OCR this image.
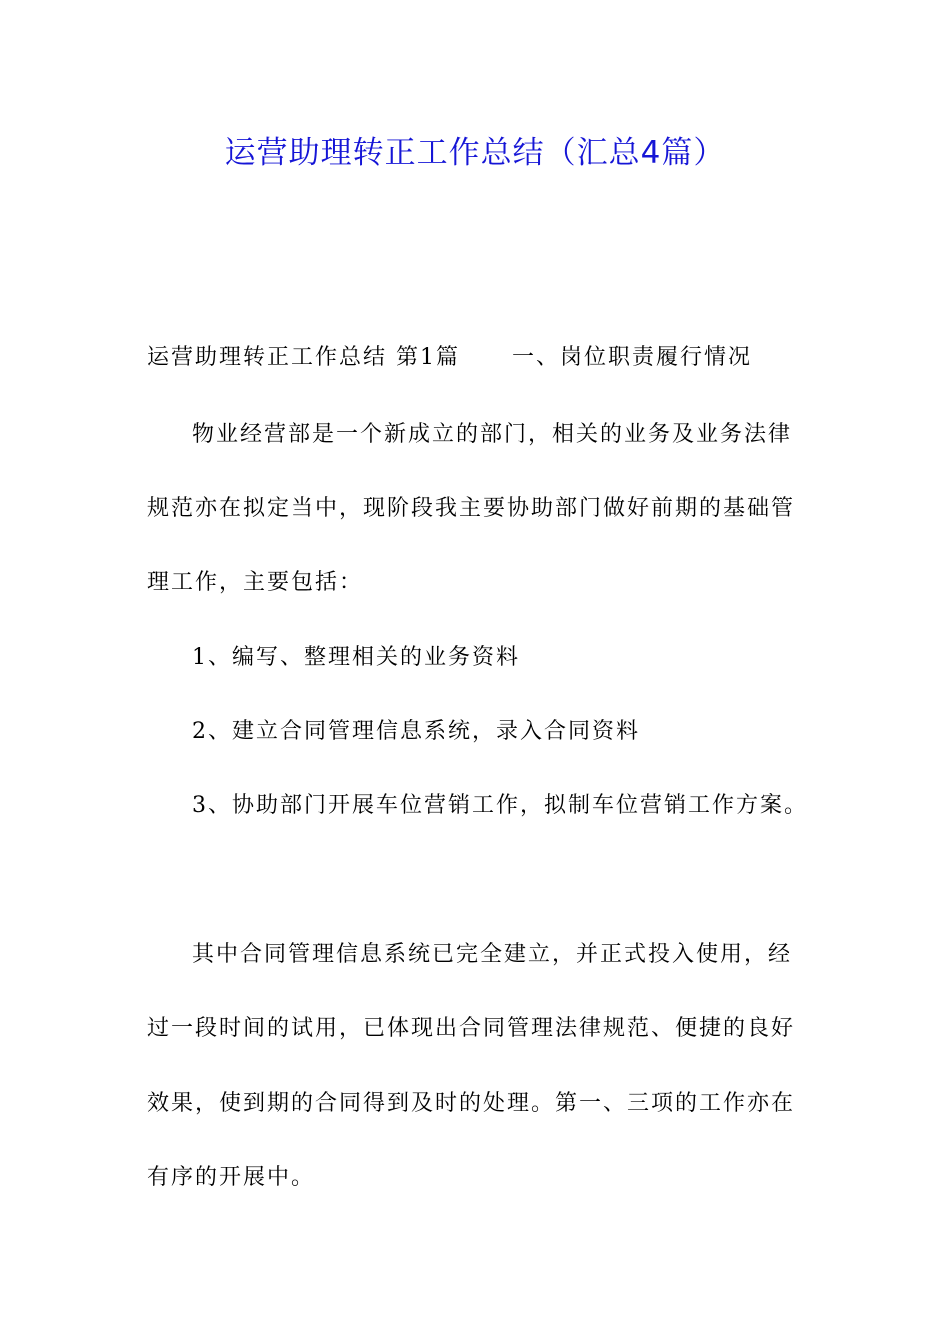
运营助理转正工作总结（汇总4篇）
运营助理转正工作总结 第1篇 一、岗位职责履行情况
物业经营部是一个新成立的部门，相关的业务及业务法律
规范亦在拟定当中，现阶段我主要协助部门做好前期的基础管
理工作，主要包括：
1、编写、整理相关的业务资料
2、建立合同管理信息系统，录入合同资料
3、协助部门开展车位营销工作，拟制车位营销工作方案。
其中合同管理信息系统已完全建立，并正式投入使用，经
过一段时间的试用，已体现出合同管理法律规范、便捷的良好
效果，使到期的合同得到及时的处理。第一、三项的工作亦在
有序的开展中。
